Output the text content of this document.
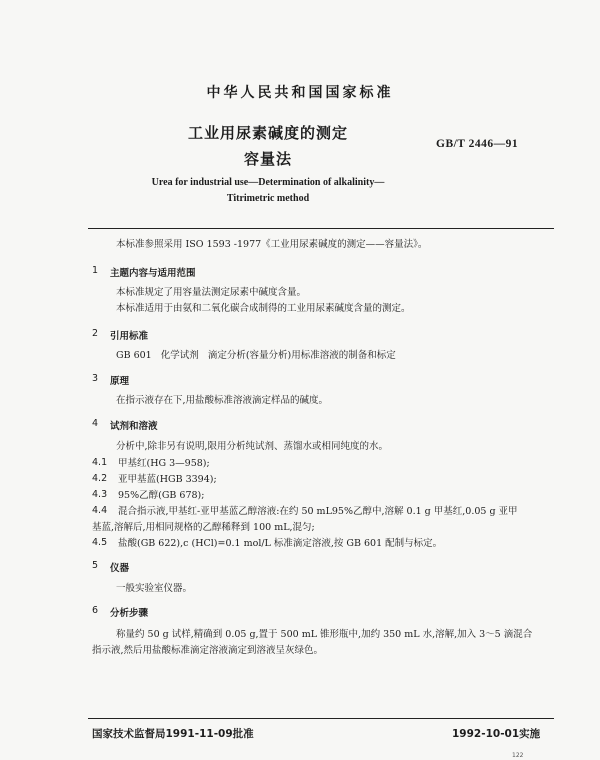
中华人民共和国国家标准
工业用尿素碱度的测定
容量法
GB/T 2446—91
Urea for industrial use—Determination of alkalinity—
Titrimetric method
本标准参照采用 ISO 1593 -1977《工业用尿素碱度的测定——容量法》。
1 主题内容与适用范围
本标准规定了用容量法测定尿素中碱度含量。
本标准适用于由氨和二氧化碳合成制得的工业用尿素碱度含量的测定。
2 引用标准
GB 601   化学试剂   滴定分析(容量分析)用标准溶液的制备和标定
3 原理
在指示液存在下,用盐酸标准溶液滴定样品的碱度。
4 试剂和溶液
分析中,除非另有说明,限用分析纯试剂、蒸馏水或相同纯度的水。
4.1 甲基红(HG 3—958);
4.2 亚甲基蓝(HGB 3394);
4.3 95%乙醇(GB 678);
4.4 混合指示液,甲基红-亚甲基蓝乙醇溶液:在约 50 mL95%乙醇中,溶解 0.1 g 甲基红,0.05 g 亚甲
基蓝,溶解后,用相同规格的乙醇稀释到 100 mL,混匀;
4.5 盐酸(GB 622),c (HCl)=0.1 mol/L 标准滴定溶液,按 GB 601 配制与标定。
5 仪器
一般实验室仪器。
6 分析步骤
称量约 50 g 试样,精确到 0.05 g,置于 500 mL 锥形瓶中,加约 350 mL 水,溶解,加入 3～5 滴混合
指示液,然后用盐酸标准滴定溶液滴定到溶液呈灰绿色。
国家技术监督局1991-11-09批准	1992-10-01实施
122
